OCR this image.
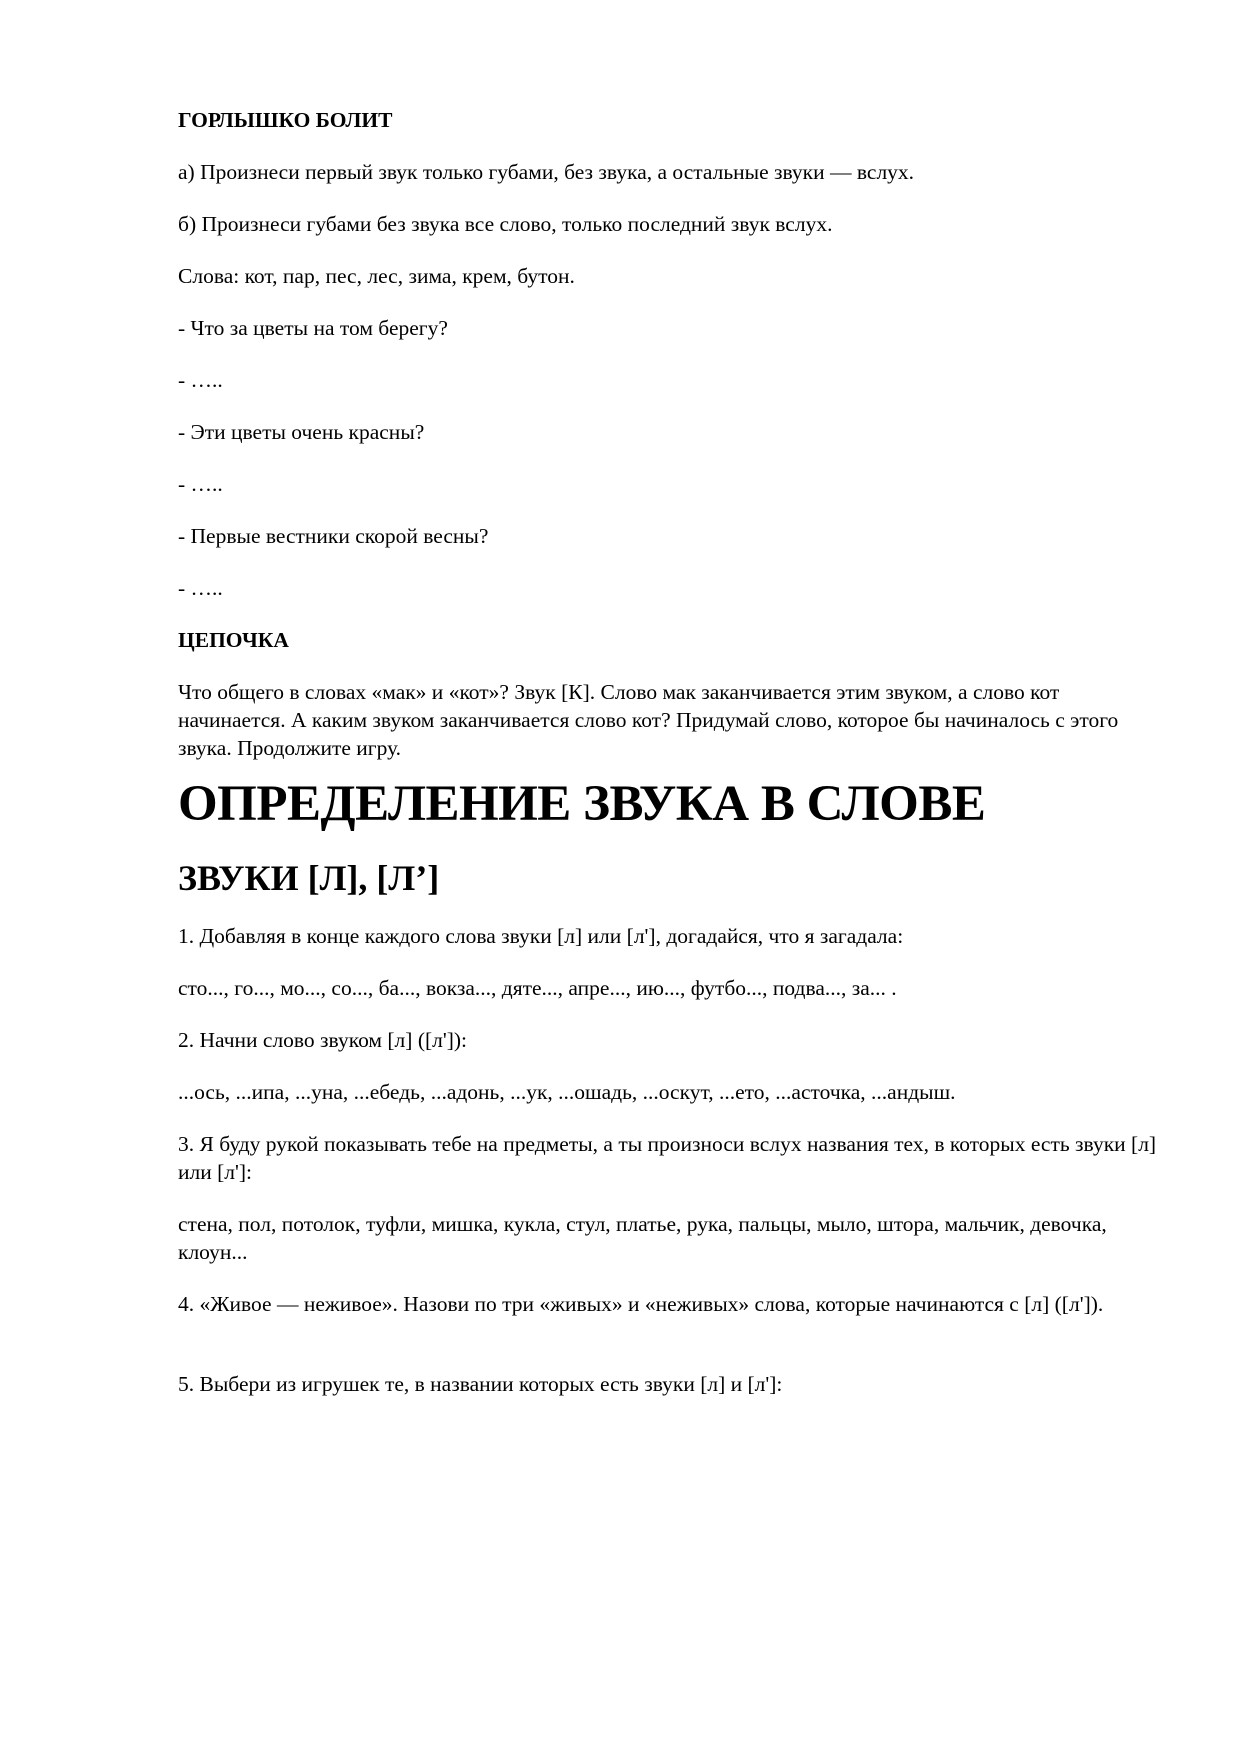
ГОРЛЫШКО БОЛИТ
а) Произнеси первый звук только губами, без звука, а остальные звуки — вслух.
б) Произнеси губами без звука все слово, только последний звук вслух.
Слова: кот, пар, пес, лес, зима, крем, бутон.
- Что за цветы на том берегу?
- …..
- Эти цветы очень красны?
- …..
- Первые вестники скорой весны?
- …..
ЦЕПОЧКА
Что общего в словах «мак» и «кот»? Звук [К]. Слово мак заканчивается этим звуком, а слово кот начинается. А каким звуком заканчивается слово кот? Придумай слово, которое бы начиналось с этого звука. Продолжите игру.
ОПРЕДЕЛЕНИЕ ЗВУКА В СЛОВЕ
ЗВУКИ [Л], [Л’]
1. Добавляя в конце каждого слова звуки [л] или [л'], догадайся, что я загадала:
сто..., го..., мо..., со..., ба..., вокза..., дяте..., апре..., ию..., футбо..., подва..., за... .
2. Начни слово звуком [л] ([л']):
...ось, ...ипа, ...уна, ...ебедь, ...адонь, ...ук, ...ошадь, ...оскут, ...ето, ...асточка, ...андыш.
3. Я буду рукой показывать тебе на предметы, а ты произноси вслух названия тех, в которых есть звуки [л] или [л']:
стена, пол, потолок, туфли, мишка, кукла, стул, платье, рука, пальцы, мыло, штора, мальчик, девочка, клоун...
4. «Живое — неживое». Назови по три «живых» и «неживых» слова, которые начинаются с [л] ([л']).
5. Выбери из игрушек те, в названии которых есть звуки [л] и [л']:
